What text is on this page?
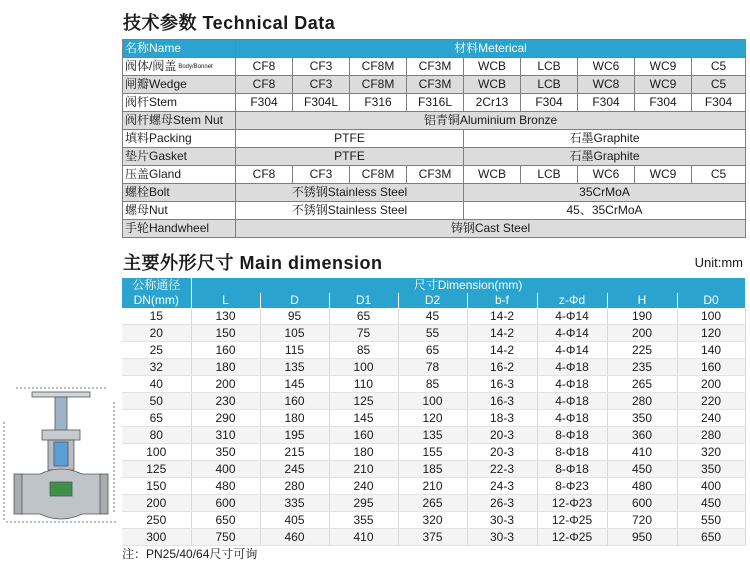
技术参数 Technical Data
名称Name	材料Meterical								
阀体/阀盖 Body/Bonnet	CF8	CF3	CF8M	CF3M	WCB	LCB	WC6	WC9	C5
闸瓣Wedge	CF8	CF3	CF8M	CF3M	WCB	LCB	WC8	WC9	C5
阀杆Stem	F304	F304L	F316	F316L	2Cr13	F304	F304	F304	F304
阀杆螺母Stem Nut	铝青铜Aluminium Bronze								
填料Packing	PTFE				石墨Graphite				
垫片Gasket	PTFE				石墨Graphite				
压盖Gland	CF8	CF3	CF8M	CF3M	WCB	LCB	WC6	WC9	C5
螺栓Bolt	不锈钢Stainless Steel				35CrMoA				
螺母Nut	不锈钢Stainless Steel				45、35CrMoA				
手轮Handwheel	铸钢Cast Steel								
主要外形尺寸 Main dimension	Unit:mm
公称通径	尺寸Dimension(mm)							
DN(mm)	L	D	D1	D2	b-f	z-Φd	H	D0
15	130	95	65	45	14-2	4-Φ14	190	100
20	150	105	75	55	14-2	4-Φ14	200	120
25	160	115	85	65	14-2	4-Φ14	225	140
32	180	135	100	78	16-2	4-Φ18	235	160
40	200	145	110	85	16-3	4-Φ18	265	200
50	230	160	125	100	16-3	4-Φ18	280	220
65	290	180	145	120	18-3	4-Φ18	350	240
80	310	195	160	135	20-3	8-Φ18	360	280
100	350	215	180	155	20-3	8-Φ18	410	320
125	400	245	210	185	22-3	8-Φ18	450	350
150	480	280	240	210	24-3	8-Φ23	480	400
200	600	335	295	265	26-3	12-Φ23	600	450
250	650	405	355	320	30-3	12-Φ25	720	550
300	750	460	410	375	30-3	12-Φ25	950	650
注：PN25/40/64尺寸可询
